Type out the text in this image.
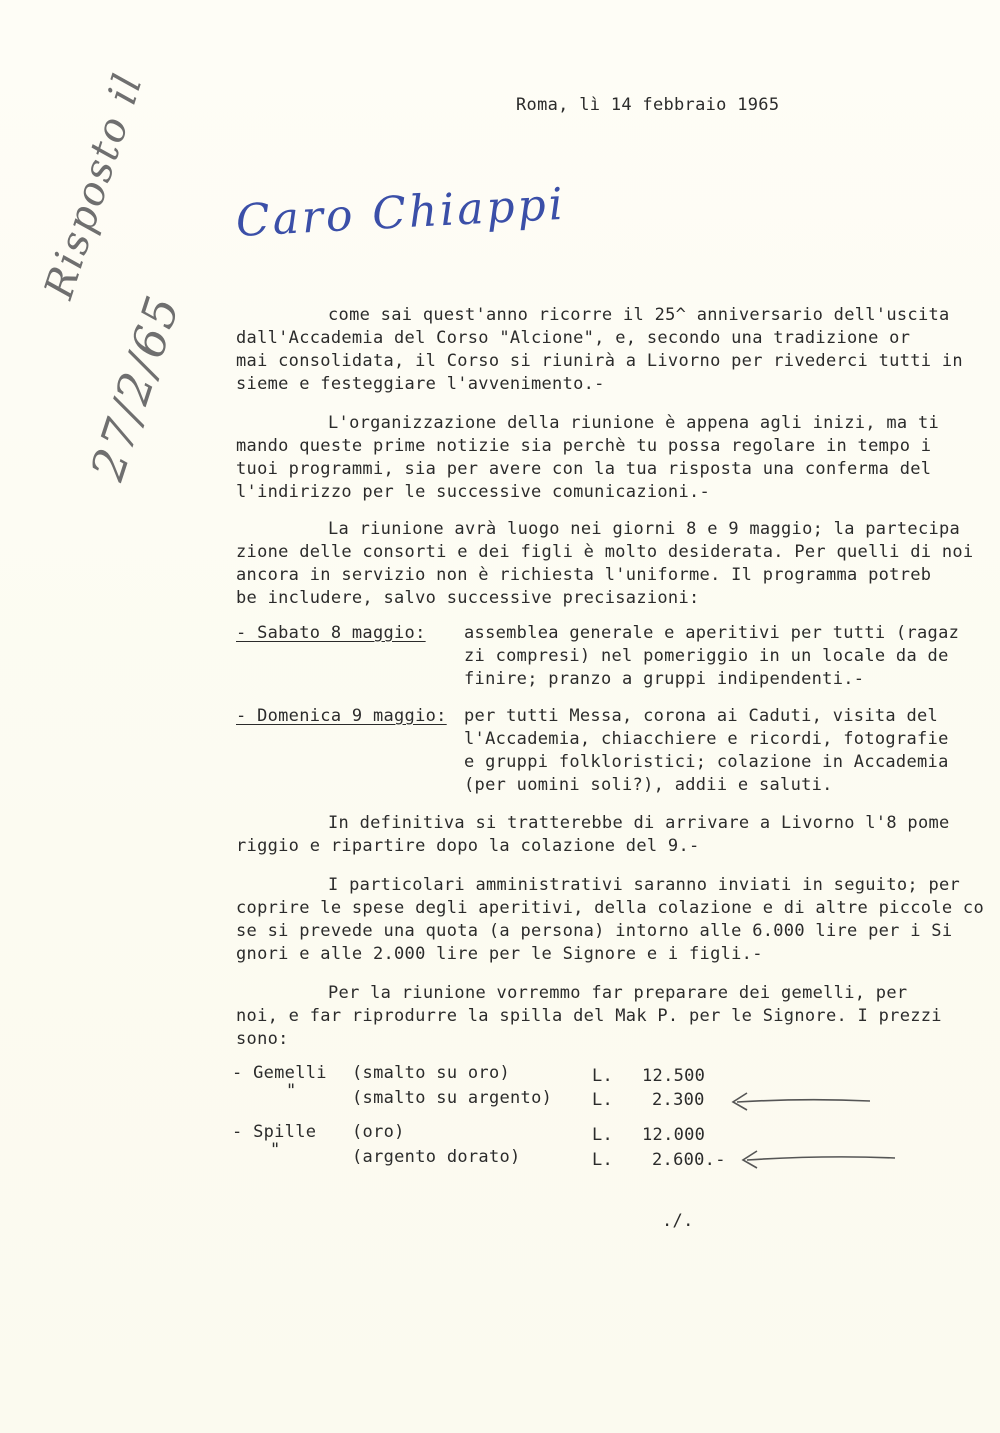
Roma, lì 14 febbraio 1965
Caro Chiappi
Risposto il
27/2/65	come sai quest'anno ricorre il 25^ anniversario dell'uscita
dall'Accademia del Corso "Alcione", e, secondo una tradizione or
mai consolidata, il Corso si riunirà a Livorno per rivederci tutti in
sieme e festeggiare l'avvenimento.-
L'organizzazione della riunione è appena agli inizi, ma ti
mando queste prime notizie sia perchè tu possa regolare in tempo i
tuoi programmi, sia per avere con la tua risposta una conferma del
l'indirizzo per le successive comunicazioni.-
La riunione avrà luogo nei giorni 8 e 9 maggio; la partecipa
zione delle consorti e dei figli è molto desiderata. Per quelli di noi
ancora in servizio non è richiesta l'uniforme. Il programma potreb
be includere, salvo successive precisazioni:
- Sabato 8 maggio: assemblea generale e aperitivi per tutti (ragaz
zi compresi) nel pomeriggio in un locale da de
finire; pranzo a gruppi indipendenti.-
- Domenica 9 maggio: per tutti Messa, corona ai Caduti, visita del
l'Accademia, chiacchiere e ricordi, fotografie
e gruppi folkloristici; colazione in Accademia
(per uomini soli?), addii e saluti.
In definitiva si tratterebbe di arrivare a Livorno l'8 pome
riggio e ripartire dopo la colazione del 9.-
I particolari amministrativi saranno inviati in seguito; per
coprire le spese degli aperitivi, della colazione e di altre piccole co
se si prevede una quota (a persona) intorno alle 6.000 lire per i Si
gnori e alle 2.000 lire per le Signore e i figli.-
Per la riunione vorremmo far preparare dei gemelli, per
noi, e far riprodurre la spilla del Mak P. per le Signore. I prezzi
sono:
- Gemelli (smalto su oro)	L. 12.500
"	(smalto su argento) L. 2.300
- Spille (oro)	L. 12.000
"	(argento dorato)	L. 2.600.-
./.
